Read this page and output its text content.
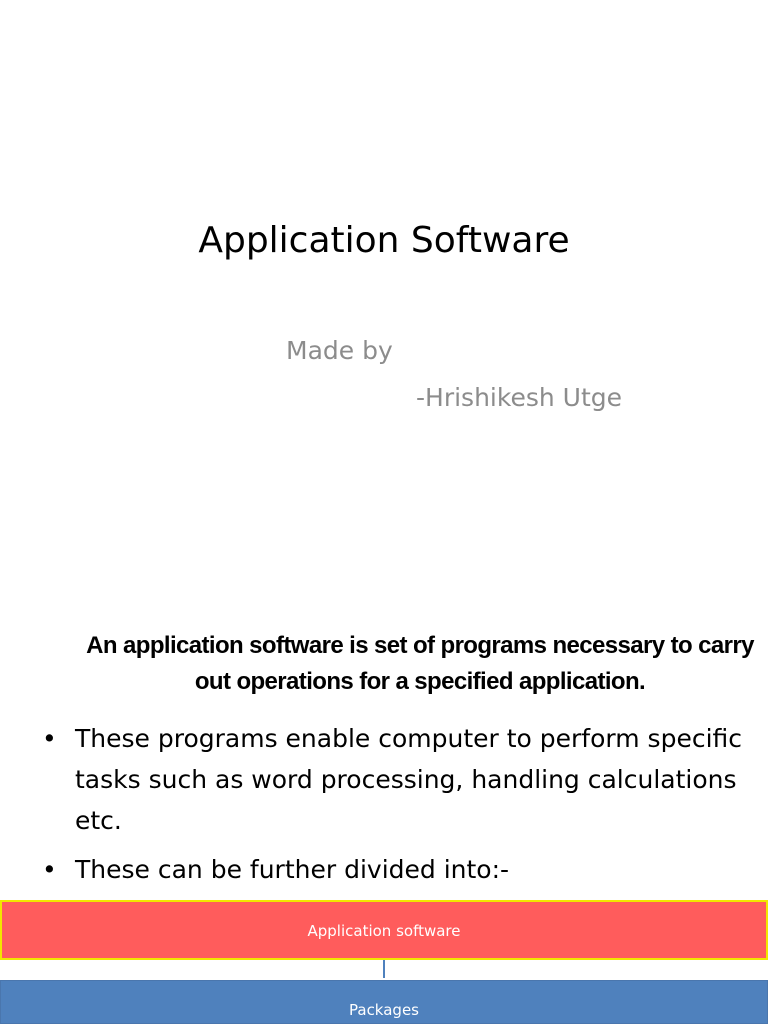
Application Software
Made by
-Hrishikesh Utge
An application software is set of programs necessary to carry out operations for a specified application.
• These programs enable computer to perform specific tasks such as word processing, handling calculations etc.
• These can be further divided into:-
Application software
Packages
